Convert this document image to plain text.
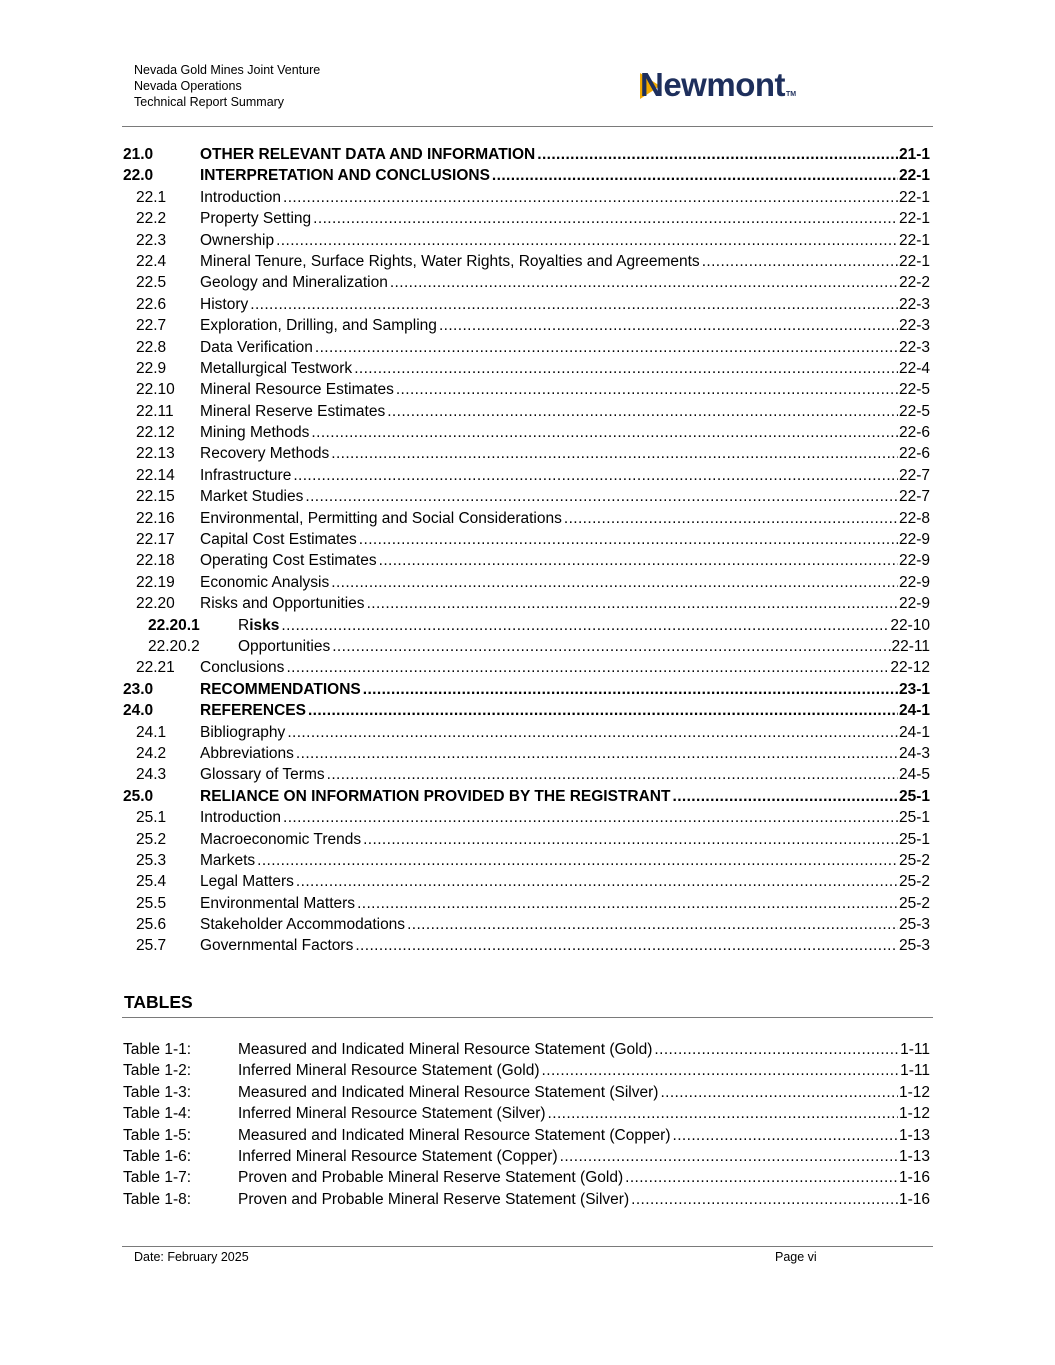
Nevada Gold Mines Joint Venture
Nevada Operations
Technical Report Summary	NewmontTM
21.0	OTHER RELEVANT DATA AND INFORMATION .....	21-1
22.0	INTERPRETATION AND CONCLUSIONS .....	22-1
22.1	Introduction .....	22-1
22.2	Property Setting .....	22-1
22.3	Ownership .....	22-1
22.4	Mineral Tenure, Surface Rights, Water Rights, Royalties and Agreements .....	22-1
22.5	Geology and Mineralization .....	22-2
22.6	History .....	22-3
22.7	Exploration, Drilling, and Sampling .....	22-3
22.8	Data Verification .....	22-3
22.9	Metallurgical Testwork .....	22-4
22.10	Mineral Resource Estimates .....	22-5
22.11	Mineral Reserve Estimates .....	22-5
22.12	Mining Methods .....	22-6
22.13	Recovery Methods .....	22-6
22.14	Infrastructure .....	22-7
22.15	Market Studies .....	22-7
22.16	Environmental, Permitting and Social Considerations .....	22-8
22.17	Capital Cost Estimates .....	22-9
22.18	Operating Cost Estimates .....	22-9
22.19	Economic Analysis .....	22-9
22.20	Risks and Opportunities .....	22-9
22.20.1	Risks .....	22-10
22.20.2	Opportunities .....	22-11
22.21	Conclusions .....	22-12
23.0	RECOMMENDATIONS .....	23-1
24.0	REFERENCES .....	24-1
24.1	Bibliography .....	24-1
24.2	Abbreviations .....	24-3
24.3	Glossary of Terms .....	24-5
25.0	RELIANCE ON INFORMATION PROVIDED BY THE REGISTRANT .....	25-1
25.1	Introduction .....	25-1
25.2	Macroeconomic Trends .....	25-1
25.3	Markets .....	25-2
25.4	Legal Matters .....	25-2
25.5	Environmental Matters .....	25-2
25.6	Stakeholder Accommodations .....	25-3
25.7	Governmental Factors .....	25-3
TABLES
Table 1-1:	Measured and Indicated Mineral Resource Statement (Gold) .....	1-11
Table 1-2:	Inferred Mineral Resource Statement (Gold) .....	1-11
Table 1-3:	Measured and Indicated Mineral Resource Statement (Silver) .....	1-12
Table 1-4:	Inferred Mineral Resource Statement (Silver) .....	1-12
Table 1-5:	Measured and Indicated Mineral Resource Statement (Copper) .....	1-13
Table 1-6:	Inferred Mineral Resource Statement (Copper) .....	1-13
Table 1-7:	Proven and Probable Mineral Reserve Statement (Gold) .....	1-16
Table 1-8:	Proven and Probable Mineral Reserve Statement (Silver) .....	1-16
Date: February 2025	Page vi
